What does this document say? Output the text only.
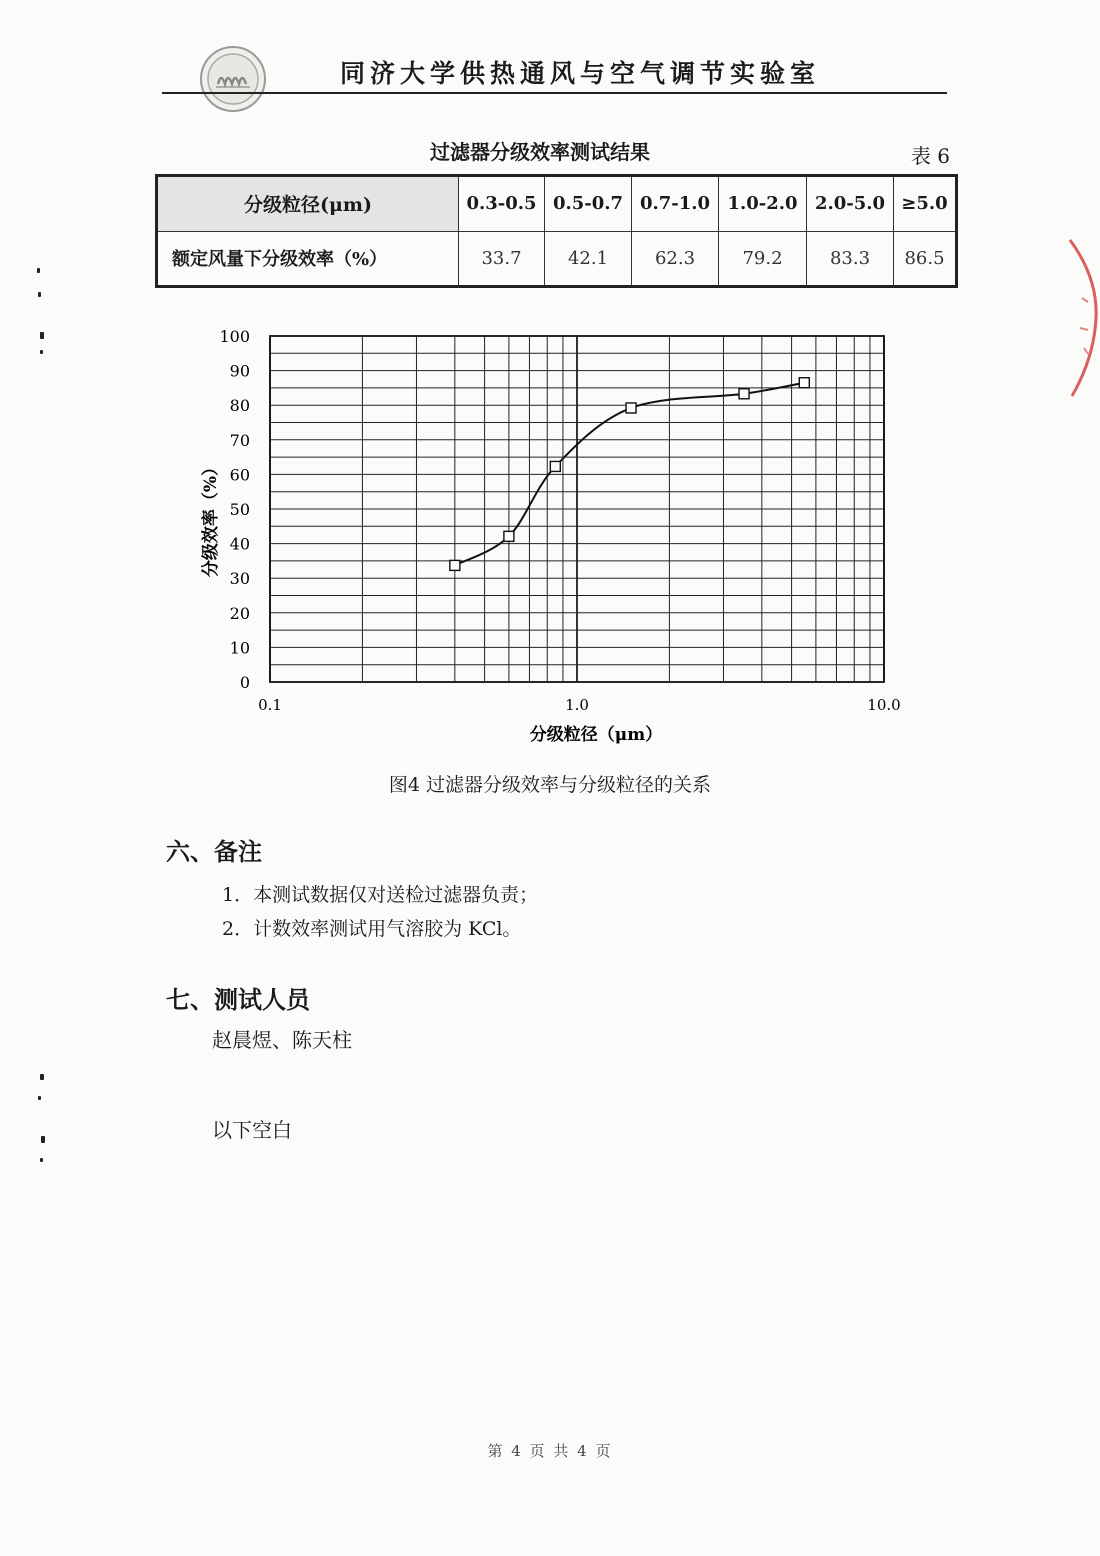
同济大学供热通风与空气调节实验室
过滤器分级效率测试结果	表 6
分级粒径(μm)	0.3-0.5	0.5-0.7	0.7-1.0	1.0-2.0	2.0-5.0	≥5.0
额定风量下分级效率（%）	33.7	42.1	62.3	79.2	83.3	86.5
0
10
20
30
40
50
60
70
80
90
100
0.1	1.0	10.0
分级效率（%）
分级粒径（μm）
图4 过滤器分级效率与分级粒径的关系
六、备注
1．本测试数据仅对送检过滤器负责；
2．计数效率测试用气溶胶为 KCl。
七、测试人员
赵晨煜、陈天柱
以下空白
第 4 页 共 4 页
